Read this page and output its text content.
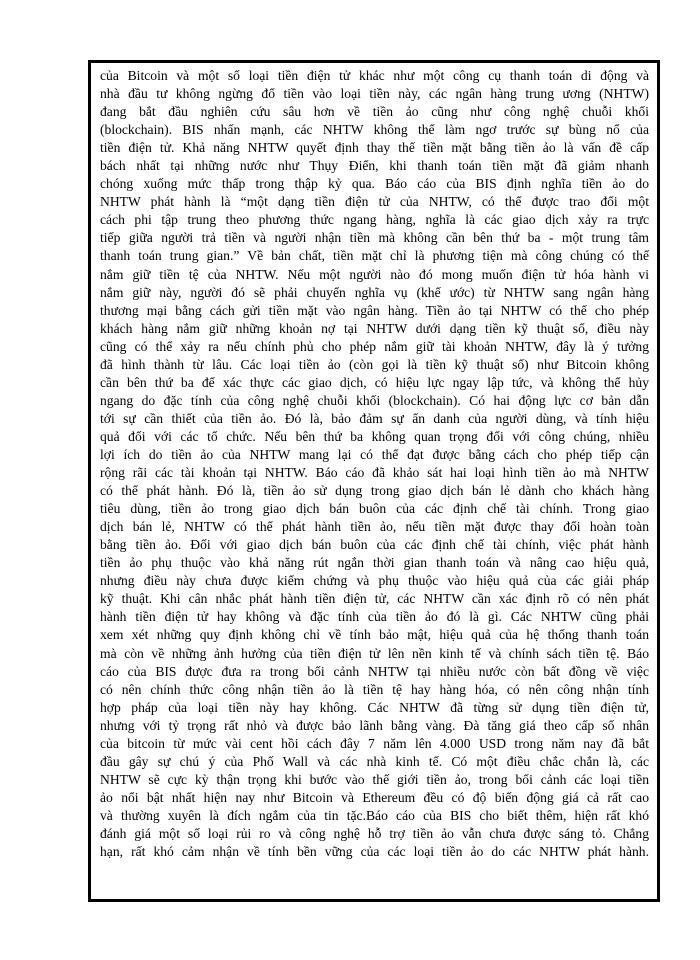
của Bitcoin và một số loại tiền điện tử khác như một công cụ thanh toán di động và
nhà đầu tư không ngừng đổ tiền vào loại tiền này, các ngân hàng trung ương (NHTW)
đang bắt đầu nghiên cứu sâu hơn về tiền ảo cũng như công nghệ chuỗi khối
(blockchain). BIS nhấn mạnh, các NHTW không thể làm ngơ trước sự bùng nổ của
tiền điện tử. Khả năng NHTW quyết định thay thế tiền mặt bằng tiền ảo là vấn đề cấp
bách nhất tại những nước như Thụy Điển, khi thanh toán tiền mặt đã giảm nhanh
chóng xuống mức thấp trong thập kỷ qua. Báo cáo của BIS định nghĩa tiền ảo do
NHTW phát hành là “một dạng tiền điện tử của NHTW, có thể được trao đổi một
cách phi tập trung theo phương thức ngang hàng, nghĩa là các giao dịch xảy ra trực
tiếp giữa người trả tiền và người nhận tiền mà không cần bên thứ ba - một trung tâm
thanh toán trung gian.” Về bản chất, tiền mặt chỉ là phương tiện mà công chúng có thể
nắm giữ tiền tệ của NHTW. Nếu một người nào đó mong muốn điện tử hóa hành vi
nắm giữ này, người đó sẽ phải chuyển nghĩa vụ (khế ước) từ NHTW sang ngân hàng
thương mại bằng cách gửi tiền mặt vào ngân hàng. Tiền ảo tại NHTW có thể cho phép
khách hàng nắm giữ những khoản nợ tại NHTW dưới dạng tiền kỹ thuật số, điều này
cũng có thể xảy ra nếu chính phủ cho phép nắm giữ tài khoản NHTW, đây là ý tưởng
đã hình thành từ lâu. Các loại tiền ảo (còn gọi là tiền kỹ thuật số) như Bitcoin không
cần bên thứ ba để xác thực các giao dịch, có hiệu lực ngay lập tức, và không thể hủy
ngang do đặc tính của công nghệ chuỗi khối (blockchain). Có hai động lực cơ bản dẫn
tới sự cần thiết của tiền ảo. Đó là, bảo đảm sự ẩn danh của người dùng, và tính hiệu
quả đối với các tổ chức. Nếu bên thứ ba không quan trọng đối với công chúng, nhiều
lợi ích do tiền ảo của NHTW mang lại có thể đạt được bằng cách cho phép tiếp cận
rộng rãi các tài khoản tại NHTW. Báo cáo đã khảo sát hai loại hình tiền ảo mà NHTW
có thể phát hành. Đó là, tiền ảo sử dụng trong giao dịch bán lẻ dành cho khách hàng
tiêu dùng, tiền ảo trong giao dịch bán buôn của các định chế tài chính. Trong giao
dịch bán lẻ, NHTW có thể phát hành tiền ảo, nếu tiền mặt được thay đổi hoàn toàn
bằng tiền ảo. Đối với giao dịch bán buôn của các định chế tài chính, việc phát hành
tiền ảo phụ thuộc vào khả năng rút ngắn thời gian thanh toán và nâng cao hiệu quả,
nhưng điều này chưa được kiểm chứng và phụ thuộc vào hiệu quả của các giải pháp
kỹ thuật. Khi cân nhắc phát hành tiền điện tử, các NHTW cần xác định rõ có nên phát
hành tiền điện tử hay không và đặc tính của tiền ảo đó là gì. Các NHTW cũng phải
xem xét những quy định không chỉ về tính bảo mật, hiệu quả của hệ thống thanh toán
mà còn về những ảnh hưởng của tiền điện tử lên nền kinh tế và chính sách tiền tệ. Báo
cáo của BIS được đưa ra trong bối cảnh NHTW tại nhiều nước còn bất đồng về việc
có nên chính thức công nhận tiền ảo là tiền tệ hay hàng hóa, có nên công nhận tính
hợp pháp của loại tiền này hay không. Các NHTW đã từng sử dụng tiền điện tử,
nhưng với tỷ trọng rất nhỏ và được bảo lãnh bằng vàng. Đà tăng giá theo cấp số nhân
của bitcoin từ mức vài cent hồi cách đây 7 năm lên 4.000 USD trong năm nay đã bắt
đầu gây sự chú ý của Phố Wall và các nhà kinh tế. Có một điều chắc chắn là, các
NHTW sẽ cực kỳ thận trọng khi bước vào thế giới tiền ảo, trong bối cảnh các loại tiền
ảo nổi bật nhất hiện nay như Bitcoin và Ethereum đều có độ biến động giá cả rất cao
và thường xuyên là đích ngắm của tin tặc.Báo cáo của BIS cho biết thêm, hiện rất khó
đánh giá một số loại rủi ro và công nghệ hỗ trợ tiền ảo vẫn chưa được sáng tỏ. Chẳng
hạn, rất khó cảm nhận về tính bền vững của các loại tiền ảo do các NHTW phát hành.
